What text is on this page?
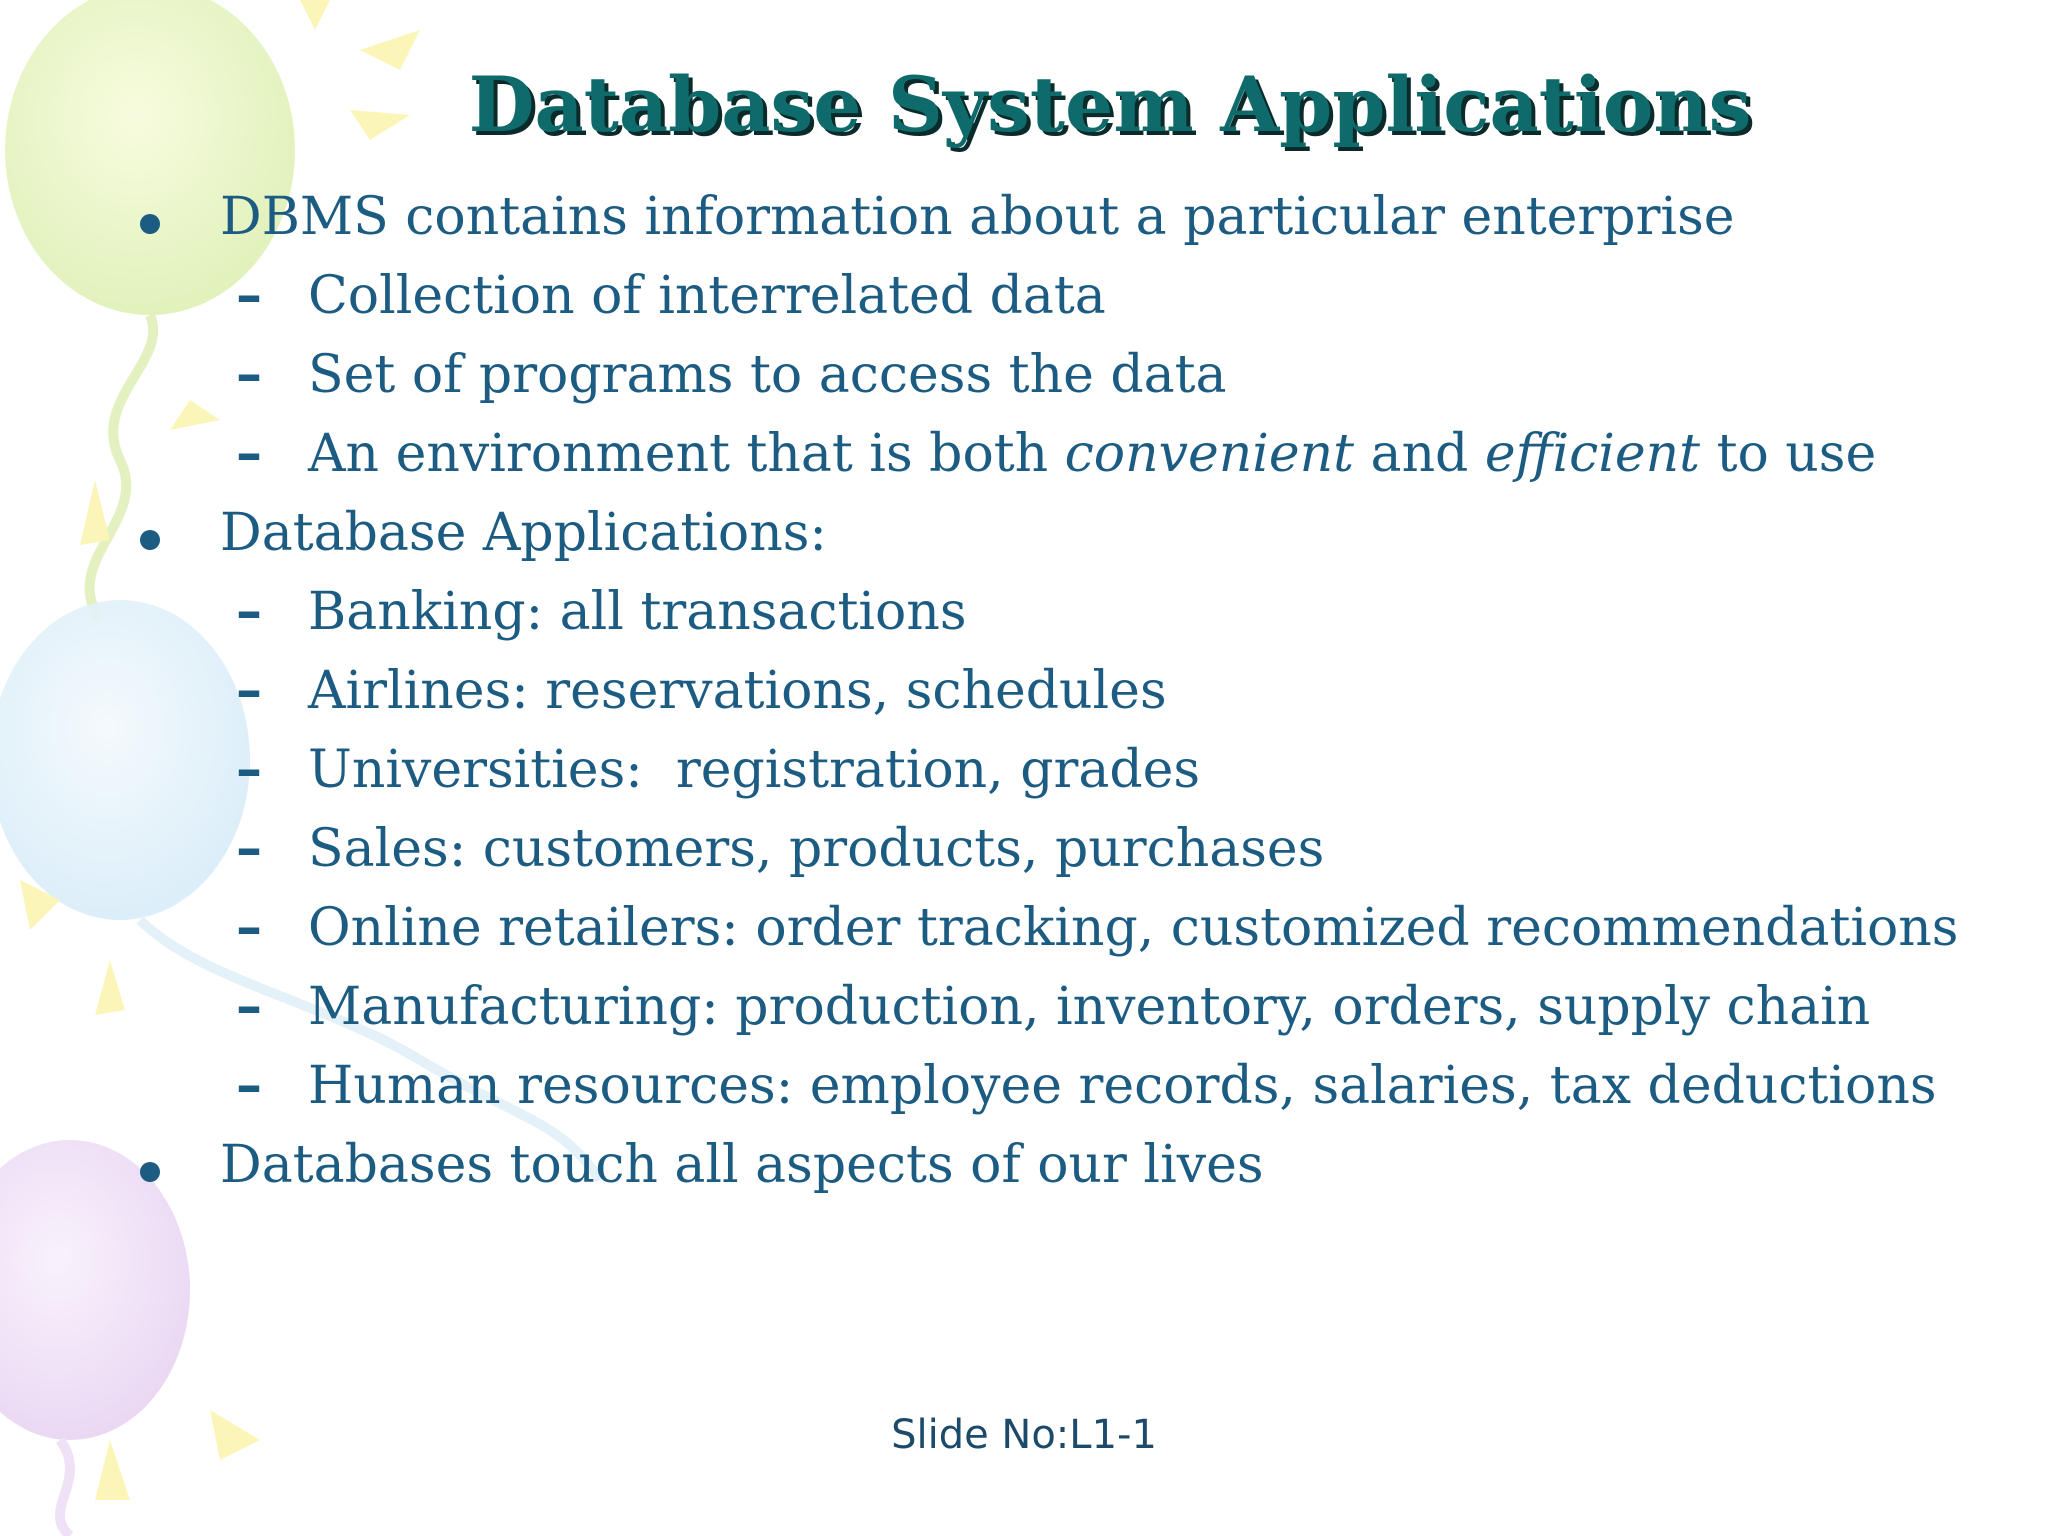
Database System Applications
DBMS contains information about a particular enterprise
– Collection of interrelated data
– Set of programs to access the data
– An environment that is both convenient and efficient to use
Database Applications:
– Banking: all transactions
– Airlines: reservations, schedules
– Universities:  registration, grades
– Sales: customers, products, purchases
– Online retailers: order tracking, customized recommendations
– Manufacturing: production, inventory, orders, supply chain
– Human resources: employee records, salaries, tax deductions
Databases touch all aspects of our lives
Slide No:L1-1
